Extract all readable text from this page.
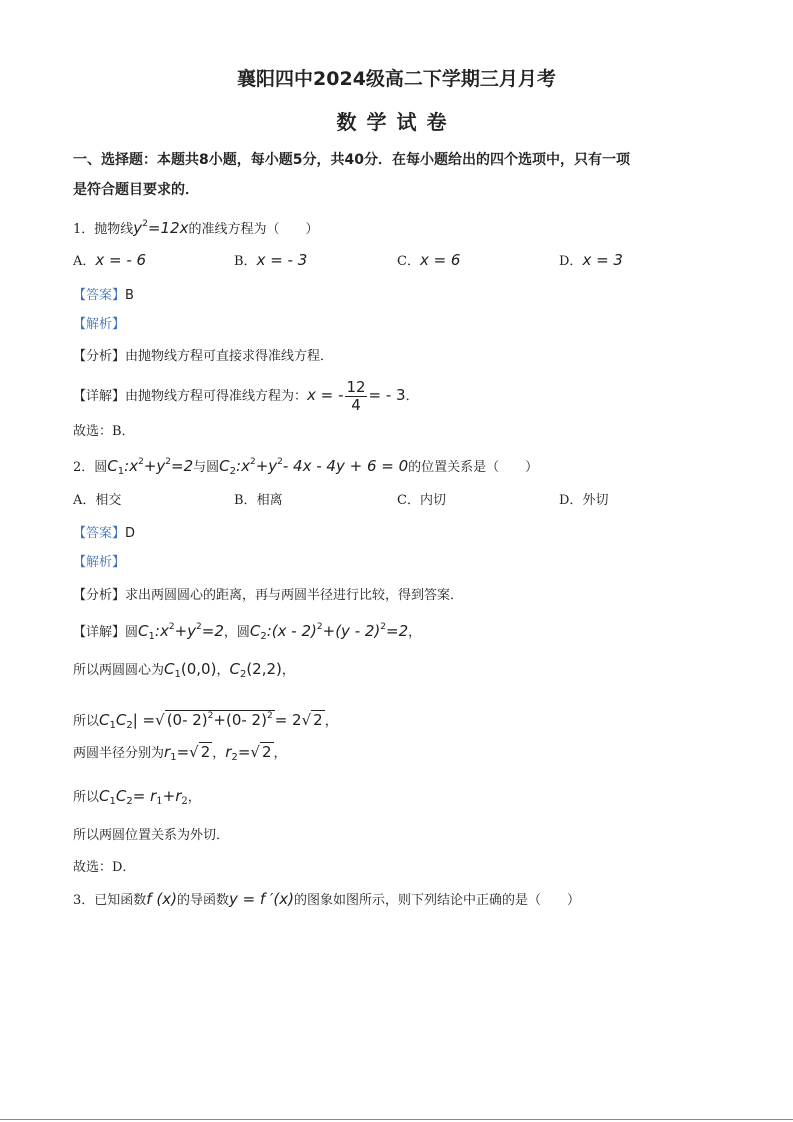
襄阳四中2024级高二下学期三月月考
数学试卷
一、选择题：本题共8小题，每小题5分，共40分．在每小题给出的四个选项中，只有一项
是符合题目要求的．
1．抛物线$y^2=12x$的准线方程为（　　）
A．x = - 6	B．x = - 3	C．x = 6	D．x = 3
【答案】B
【解析】
【分析】由抛物线方程可直接求得准线方程．
【详解】由抛物线方程可得准线方程为：x = - $\frac{12}{4}$ = - 3．
故选：B．
2．圆$C_1:x^2+y^2=2$与圆$C_2:x^2+y^2-$ 4x - 4y + 6 = 0的位置关系是（　　）
A．相交	B．相离	C．内切	D．外切
【答案】D
【解析】
【分析】求出两圆圆心的距离，再与两圆半径进行比较，得到答案．
【详解】圆$C_1:x^2+y^2=2$，圆$C_2:(x - 2)^2+(y - 2)^2=2$，
所以两圆圆心为$C_1(0,0)$，$C_2(2,2)$，
所以$C_1C_2|$ =√ (0- 2)$^2$+(0- 2)$^2$ = 2√ 2 ，
两圆半径分别为$r_1=√$ 2 ，$r_2=√$ 2 ，
所以$C_1C_2= r_1+r_2$，
所以两圆位置关系为外切．
故选：D．
3．已知函数f (x)的导函数y = f ′(x)的图象如图所示，则下列结论中正确的是（　　）
